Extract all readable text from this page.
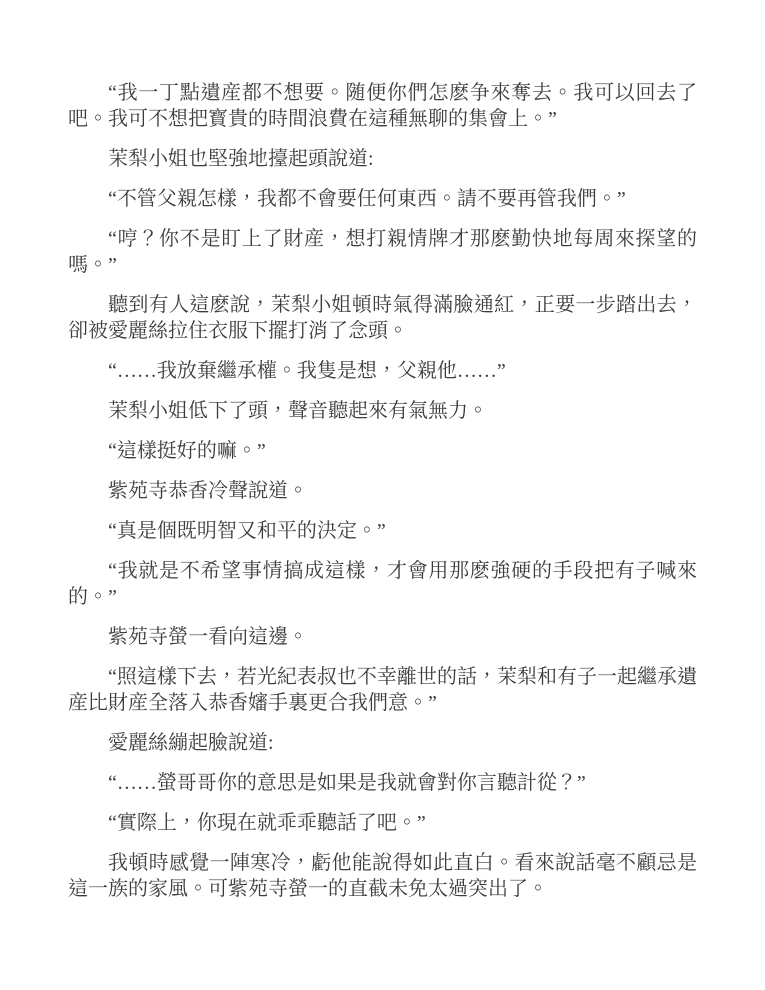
“我一丁點遺産都不想要。随便你們怎麽争來奪去。我可以回去了吧。我可不想把寳貴的時間浪費在這種無聊的集會上。”

茉梨小姐也堅強地擡起頭說道:

“不管父親怎樣，我都不會要任何東西。請不要再管我們。”

“哼？你不是盯上了財産，想打親情牌才那麽勤快地每周來探望的嗎。”

聽到有人這麽說，茉梨小姐頓時氣得滿臉通紅，正要一步踏出去，卻被愛麗絲拉住衣服下擺打消了念頭。

“……我放棄繼承權。我隻是想，父親他……”

茉梨小姐低下了頭，聲音聽起來有氣無力。

“這樣挺好的嘛。”

紫苑寺恭香冷聲說道。

“真是個既明智又和平的決定。”

“我就是不希望事情搞成這樣，才會用那麽強硬的手段把有子喊來的。”

紫苑寺螢一看向這邊。

“照這樣下去，若光紀表叔也不幸離世的話，茉梨和有子一起繼承遺産比財産全落入恭香嬸手裏更合我們意。”

愛麗絲繃起臉說道:

“……螢哥哥你的意思是如果是我就會對你言聽計從？”

“實際上，你現在就乖乖聽話了吧。”

我頓時感覺一陣寒冷，虧他能說得如此直白。看來說話毫不顧忌是這一族的家風。可紫苑寺螢一的直截未免太過突出了。
